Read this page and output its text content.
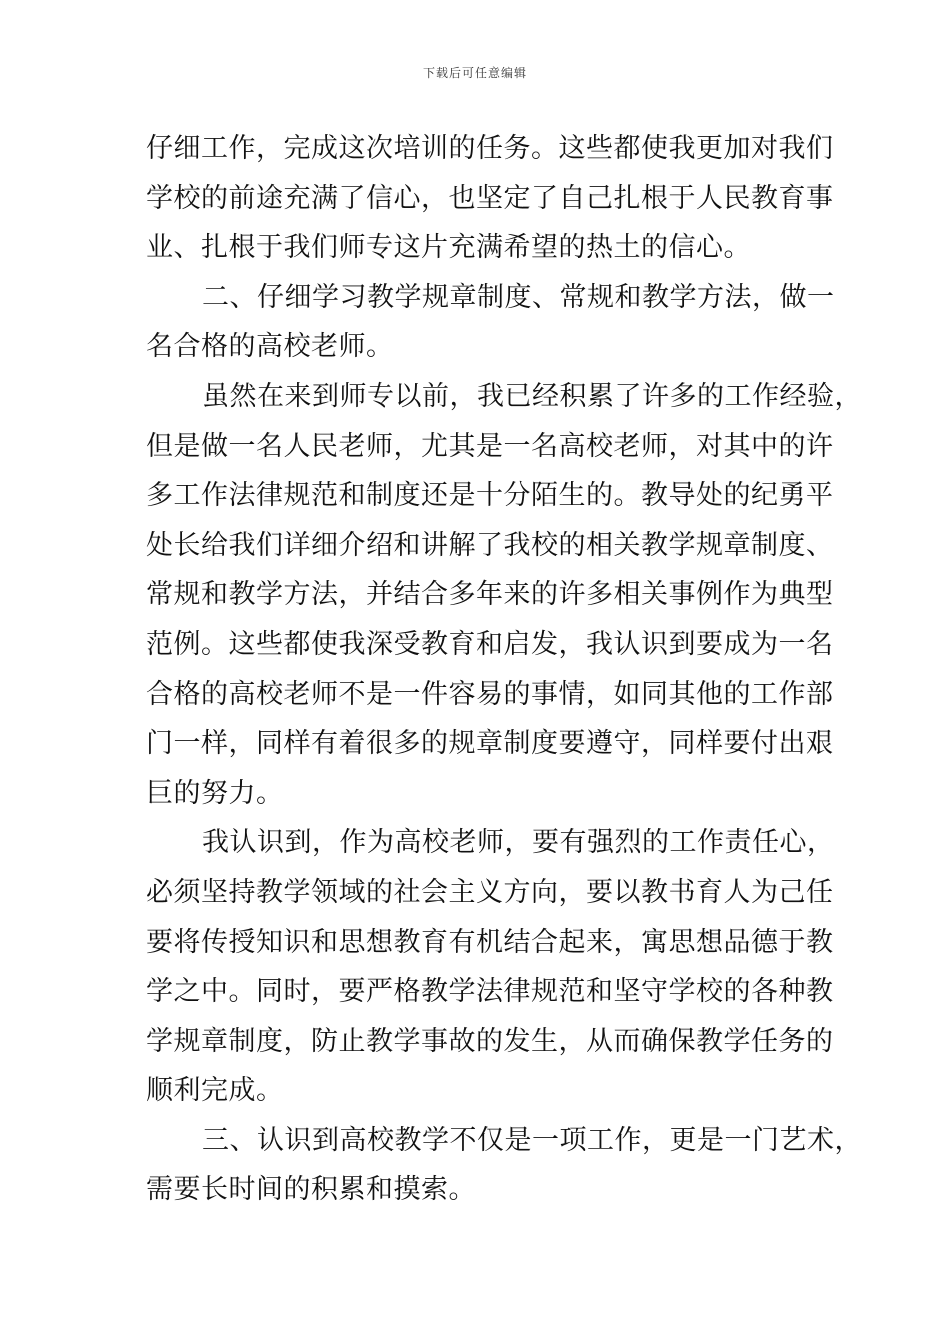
下载后可任意编辑
仔细工作，完成这次培训的任务。这些都使我更加对我们
学校的前途充满了信心，也坚定了自己扎根于人民教育事
业、扎根于我们师专这片充满希望的热土的信心。
二、仔细学习教学规章制度、常规和教学方法，做一
名合格的高校老师。
虽然在来到师专以前，我已经积累了许多的工作经验，
但是做一名人民老师，尤其是一名高校老师，对其中的许
多工作法律规范和制度还是十分陌生的。教导处的纪勇平
处长给我们详细介绍和讲解了我校的相关教学规章制度、
常规和教学方法，并结合多年来的许多相关事例作为典型
范例。这些都使我深受教育和启发，我认识到要成为一名
合格的高校老师不是一件容易的事情，如同其他的工作部
门一样，同样有着很多的规章制度要遵守，同样要付出艰
巨的努力。
我认识到，作为高校老师，要有强烈的工作责任心，
必须坚持教学领域的社会主义方向，要以教书育人为己任
要将传授知识和思想教育有机结合起来，寓思想品德于教
学之中。同时，要严格教学法律规范和坚守学校的各种教
学规章制度，防止教学事故的发生，从而确保教学任务的
顺利完成。
三、认识到高校教学不仅是一项工作，更是一门艺术，
需要长时间的积累和摸索。
